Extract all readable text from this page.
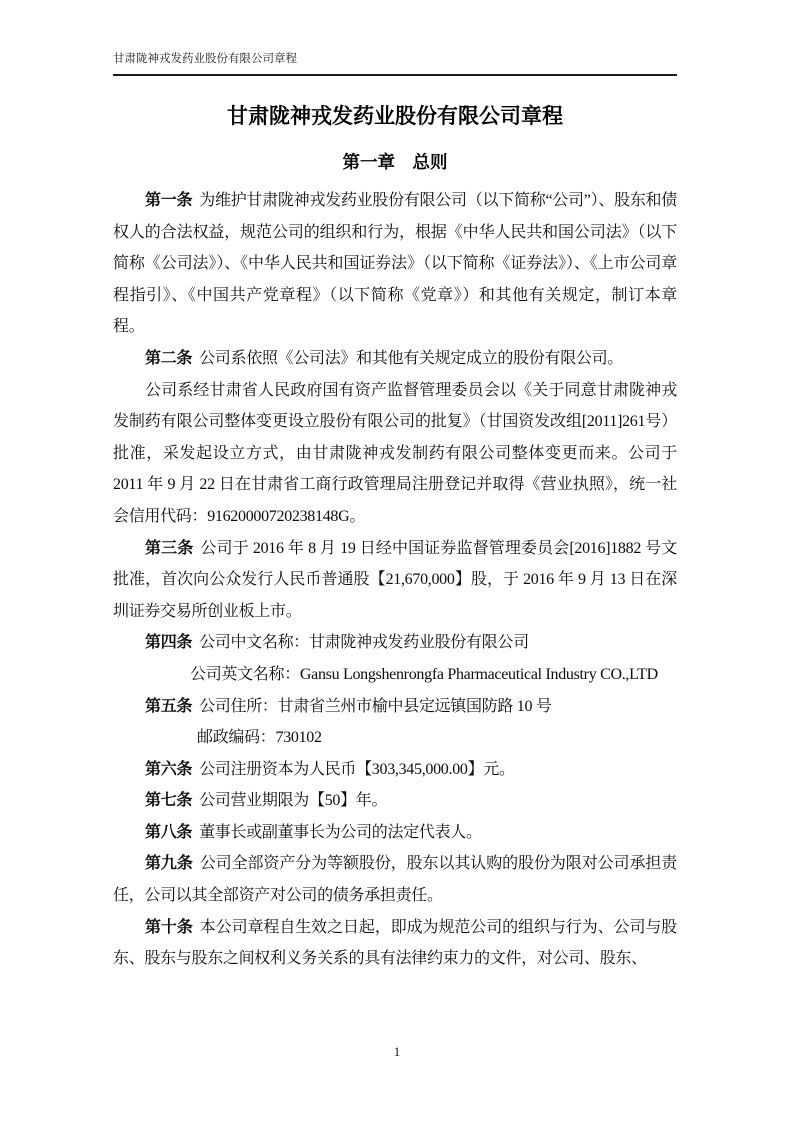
甘肃陇神戎发药业股份有限公司章程
甘肃陇神戎发药业股份有限公司章程
第一章　总则

第一条 为维护甘肃陇神戎发药业股份有限公司（以下简称“公司”）、股东和债权人的合法权益，规范公司的组织和行为，根据《中华人民共和国公司法》（以下简称《公司法》）、《中华人民共和国证券法》（以下简称《证券法》）、《上市公司章程指引》、《中国共产党章程》（以下简称《党章》）和其他有关规定，制订本章程。

第二条 公司系依照《公司法》和其他有关规定成立的股份有限公司。

公司系经甘肃省人民政府国有资产监督管理委员会以《关于同意甘肃陇神戎发制药有限公司整体变更设立股份有限公司的批复》（甘国资发改组[2011]261号）批准，采发起设立方式，由甘肃陇神戎发制药有限公司整体变更而来。公司于 2011 年 9 月 22 日在甘肃省工商行政管理局注册登记并取得《营业执照》，统一社会信用代码：91620000720238148G。

第三条 公司于 2016 年 8 月 19 日经中国证券监督管理委员会[2016]1882 号文批准，首次向公众发行人民币普通股【21,670,000】股，于 2016 年 9 月 13 日在深圳证券交易所创业板上市。

第四条 公司中文名称：甘肃陇神戎发药业股份有限公司

公司英文名称：Gansu Longshenrongfa Pharmaceutical Industry CO.,LTD

第五条 公司住所：甘肃省兰州市榆中县定远镇国防路 10 号

邮政编码：730102

第六条 公司注册资本为人民币【303,345,000.00】元。

第七条 公司营业期限为【50】年。

第八条 董事长或副董事长为公司的法定代表人。

第九条 公司全部资产分为等额股份，股东以其认购的股份为限对公司承担责任，公司以其全部资产对公司的债务承担责任。

第十条 本公司章程自生效之日起，即成为规范公司的组织与行为、公司与股东、股东与股东之间权利义务关系的具有法律约束力的文件，对公司、股东、

1
